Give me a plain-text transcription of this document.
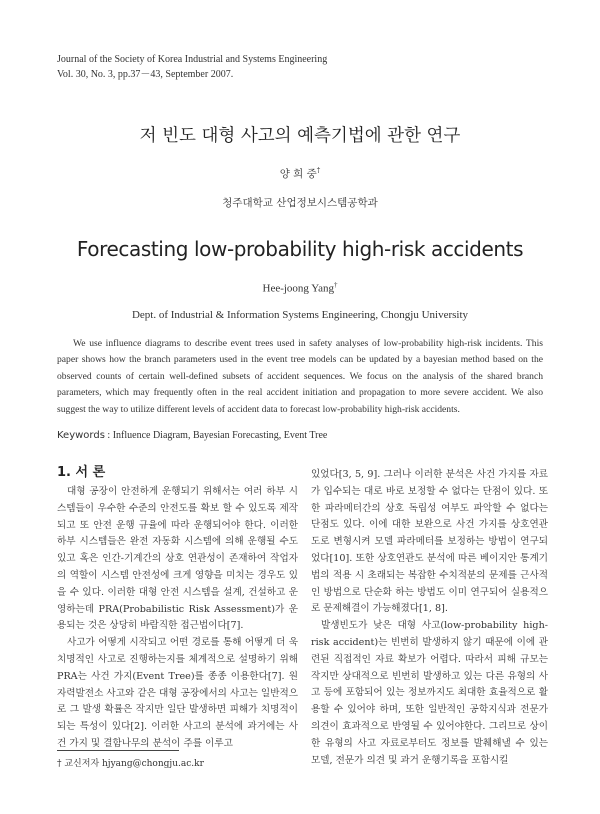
Journal of the Society of Korea Industrial and Systems Engineering
Vol. 30, No. 3, pp.37－43, September 2007.
저 빈도 대형 사고의 예측기법에 관한 연구
양 희 중†
청주대학교 산업정보시스템공학과
Forecasting low-probability high-risk accidents
Hee-joong Yang†
Dept. of Industrial & Information Systems Engineering, Chongju University
We use influence diagrams to describe event trees used in safety analyses of low-probability high-risk incidents. This paper shows how the branch parameters used in the event tree models can be updated by a bayesian method based on the observed counts of certain well-defined subsets of accident sequences. We focus on the analysis of the shared branch parameters, which may frequently often in the real accident initiation and propagation to more severe accident. We also suggest the way to utilize different levels of accident data to forecast low-probability high-risk accidents.
Keywords : Influence Diagram, Bayesian Forecasting, Event Tree
1. 서 론

대형 공장이 안전하게 운행되기 위해서는 여러 하부 시스템들이 우수한 수준의 안전도를 확보 할 수 있도록 제작되고 또 안전 운행 규율에 따라 운행되어야 한다. 이러한 하부 시스템들은 완전 자동화 시스템에 의해 운행될 수도 있고 혹은 인간-기계간의 상호 연관성이 존재하여 작업자의 역할이 시스템 안전성에 크게 영향을 미치는 경우도 있을 수 있다. 이러한 대형 안전 시스템을 설계, 건설하고 운영하는데 PRA(Probabilistic Risk Assessment)가 운용되는 것은 상당히 바람직한 접근법이다[7].

사고가 어떻게 시작되고 어떤 경로를 통해 어떻게 더 욱 치명적인 사고로 진행하는지를 체계적으로 설명하기 위해 PRA는 사건 가지(Event Tree)를 종종 이용한다[7]. 원자력발전소 사고와 같은 대형 공장에서의 사고는 일반적으로 그 발생 확률은 작지만 일단 발생하면 피해가 치명적이 되는 특성이 있다[2]. 이러한 사고의 분석에 과거에는 사건 가지 및 결함나무의 분석이 주를 이루고

있었다[3, 5, 9]. 그러나 이러한 분석은 사건 가지를 자료가 입수되는 대로 바로 보정할 수 없다는 단점이 있다. 또한 파라메터간의 상호 독립성 여부도 파악할 수 없다는 단점도 있다. 이에 대한 보완으로 사건 가지를 상호연관도로 변형시켜 모델 파라메터를 보정하는 방법이 연구되었다[10]. 또한 상호연관도 분석에 따른 베이지안 통계기법의 적용 시 초래되는 복잡한 수치적분의 문제를 근사적인 방법으로 단순화 하는 방법도 이미 연구되어 실용적으로 문제해결이 가능해졌다[1, 8].

발생빈도가 낮은 대형 사고(low-probability high-risk accident)는 빈번히 발생하지 않기 때문에 이에 관련된 직접적인 자료 확보가 어렵다. 따라서 피해 규모는 작지만 상대적으로 빈번히 발생하고 있는 다른 유형의 사고 등에 포함되어 있는 정보까지도 최대한 효율적으로 활용할 수 있어야 하며, 또한 일반적인 공학지식과 전문가의견이 효과적으로 반영될 수 있어야한다. 그리므로 상이한 유형의 사고 자료로부터도 정보를 발췌해낼 수 있는 모델, 전문가 의견 및 과거 운행기록을 포함시킬

† 교신저자 hjyang@chongju.ac.kr
